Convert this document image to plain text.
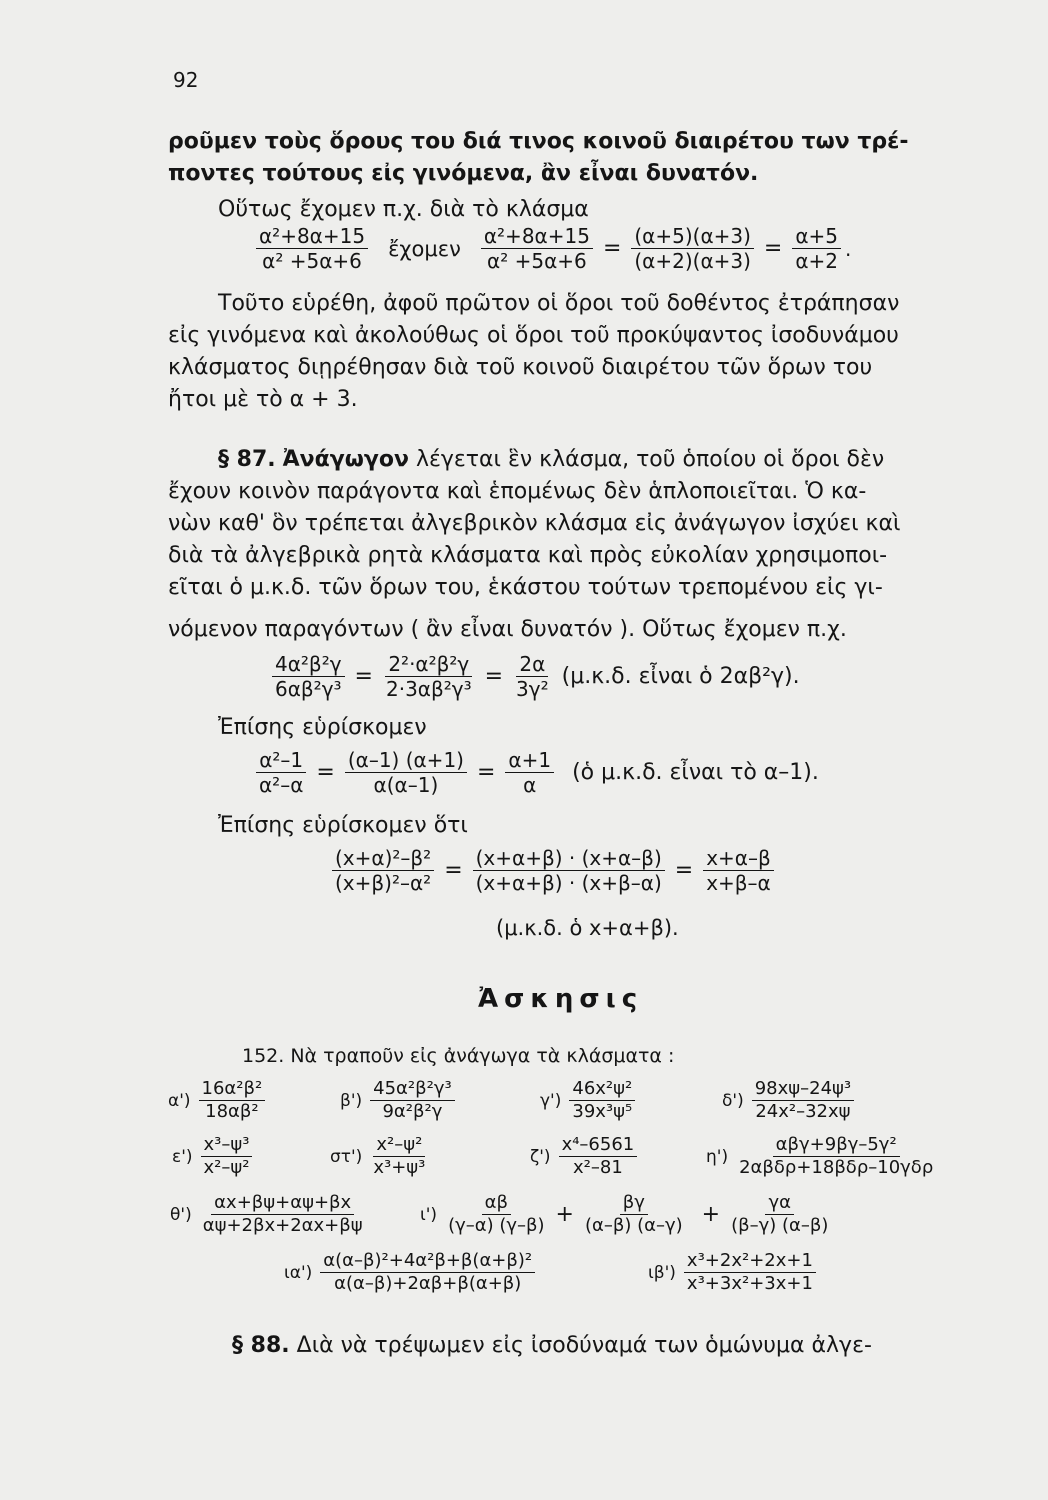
92
ροῦμεν τοὺς ὅρους του διά τινος κοινοῦ διαιρέτου των τρέ-
ποντες τούτους εἰς γινόμενα, ἂν εἶναι δυνατόν.
Οὕτως ἔχομεν π.χ. διὰ τὸ κλάσμα
$\frac{\text{α²+8α+15}}{\text{α² +5α+6}}$ ἔχομεν $\frac{\text{α²+8α+15}}{\text{α² +5α+6}} = \frac{(\alpha+5)(\alpha+3)}{(\alpha+2)(\alpha+3)} = \frac{\alpha+5}{\alpha+2}$ .
Τοῦτο εὑρέθη, ἀφοῦ πρῶτον οἱ ὅροι τοῦ δοθέντος ἐτράπησαν
εἰς γινόμενα καὶ ἀκολούθως οἱ ὅροι τοῦ προκύψαντος ἰσοδυνάμου
κλάσματος διῃρέθησαν διὰ τοῦ κοινοῦ διαιρέτου τῶν ὅρων του
ἤτοι μὲ τὸ α + 3.
§ 87. Ἀνάγωγον λέγεται ἓν κλάσμα, τοῦ ὁποίου οἱ ὅροι δὲν
ἔχουν κοινὸν παράγοντα καὶ ἑπομένως δὲν ἁπλοποιεῖται. Ὁ κα-
νὼν καθ' ὃν τρέπεται ἀλγεβρικὸν κλάσμα εἰς ἀνάγωγον ἰσχύει καὶ
διὰ τὰ ἀλγεβρικὰ ρητὰ κλάσματα καὶ πρὸς εὐκολίαν χρησιμοποι-
εῖται ὁ μ.κ.δ. τῶν ὅρων του, ἑκάστου τούτων τρεπομένου εἰς γι-
νόμενον παραγόντων ( ἂν εἶναι δυνατόν ). Οὕτως ἔχομεν π.χ.
$\frac{\text{4α²β²γ}}{\text{6αβ²γ³}} = \frac{\text{2²·α²β²γ}}{\text{2·3αβ²γ³}} = \frac{2\alpha}{\text{3γ²}} (\mu.\kappa.\delta$. εἶναι ὁ 2αβ²γ).
Ἐπίσης εὑρίσκομεν
$\frac{\text{α²–1}}{\text{α²–α}} = \frac{(\alpha-1) (\alpha+1)}{\alpha(\alpha-1)} = \frac{\alpha+1}{\alpha}$ (ὁ μ.κ.δ. εἶναι τὸ α–1).
Ἐπίσης εὑρίσκομεν ὅτι
$\frac{\text{(x+α)²–β²}}{\text{(x+β)²–α²}} = \frac{(x+\alpha+\beta) \cdot (x+\alpha-\beta)}{(x+\alpha+\beta) \cdot (x+\beta-\alpha)} = \frac{x+\alpha-\beta}{x+\beta-\alpha}$
(μ.κ.δ. ὁ x+α+β).
Ἀσκησις
152. Νὰ τραποῦν εἰς ἀνάγωγα τὰ κλάσματα :
$\alpha') \frac{\text{16α²β²}}{\text{18αβ²}}$	$\beta') \frac{\text{45α²β²γ³}}{\text{9α²β²γ}}$	$\gamma') \frac{\text{46x²ψ²}}{\text{39x³ψ⁵}}$	$\delta') \frac{\text{98xψ–24ψ³}}{\text{24x²–32xψ}}$
$\varepsilon') \frac{\text{x³–ψ³}}{\text{x²–ψ²}}$	$\sigma\tau') \frac{\text{x²–ψ²}}{\text{x³+ψ³}}$	$\zeta') \frac{\text{x⁴–6561}}{\text{x²–81}}$	$\eta') \frac{\text{αβγ+9βγ–5γ²}}{\text{2αβδρ+18βδρ–10γδρ}}$
$\theta') \frac{\alpha x+\beta\psi+\alpha\psi+\beta x}{\alpha\psi+2\beta x+2\alpha x+\beta\psi}$	$\iota') \frac{\alpha\beta}{(\gamma-\alpha) (\gamma-\beta)} + \frac{\beta\gamma}{(\alpha-\beta) (\alpha-\gamma)} + \frac{\gamma\alpha}{(\beta-\gamma) (\alpha-\beta)}$
$\iota\alpha') \frac{\text{α(α–β)²+4α²β+β(α+β)²}}{\alpha(\alpha-\beta)+2\alpha\beta+\beta(\alpha+\beta)}$	$\iota\beta') \frac{\text{x³+2x²+2x+1}}{\text{x³+3x²+3x+1}}$
§ 88. Διὰ νὰ τρέψωμεν εἰς ἰσοδύναμά των ὁμώνυμα ἀλγε-
